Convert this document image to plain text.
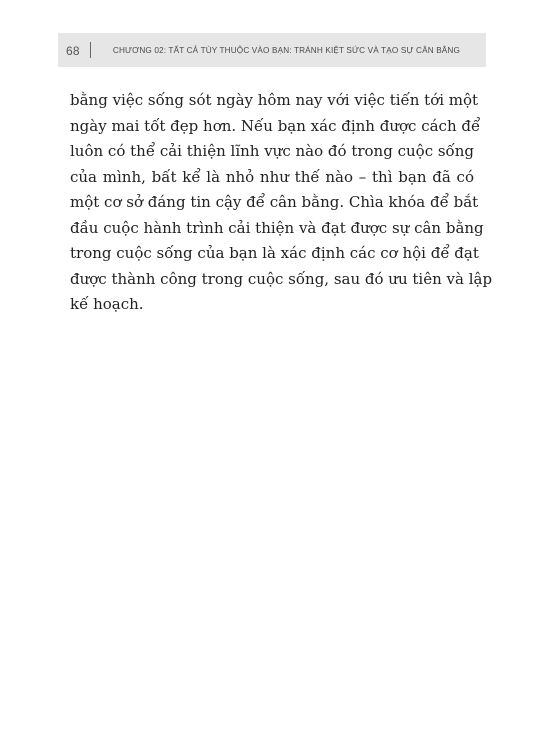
68	CHƯƠNG 02: TẤT CẢ TÙY THUỘC VÀO BẠN: TRÁNH KIỆT SỨC VÀ TẠO SỰ CÂN BẰNG
bằng việc sống sót ngày hôm nay với việc tiến tới một
ngày mai tốt đẹp hơn. Nếu bạn xác định được cách để
luôn có thể cải thiện lĩnh vực nào đó trong cuộc sống
của mình, bất kể là nhỏ như thế nào – thì bạn đã có
một cơ sở đáng tin cậy để cân bằng. Chìa khóa để bắt
đầu cuộc hành trình cải thiện và đạt được sự cân bằng
trong cuộc sống của bạn là xác định các cơ hội để đạt
được thành công trong cuộc sống, sau đó ưu tiên và lập
kế hoạch.
